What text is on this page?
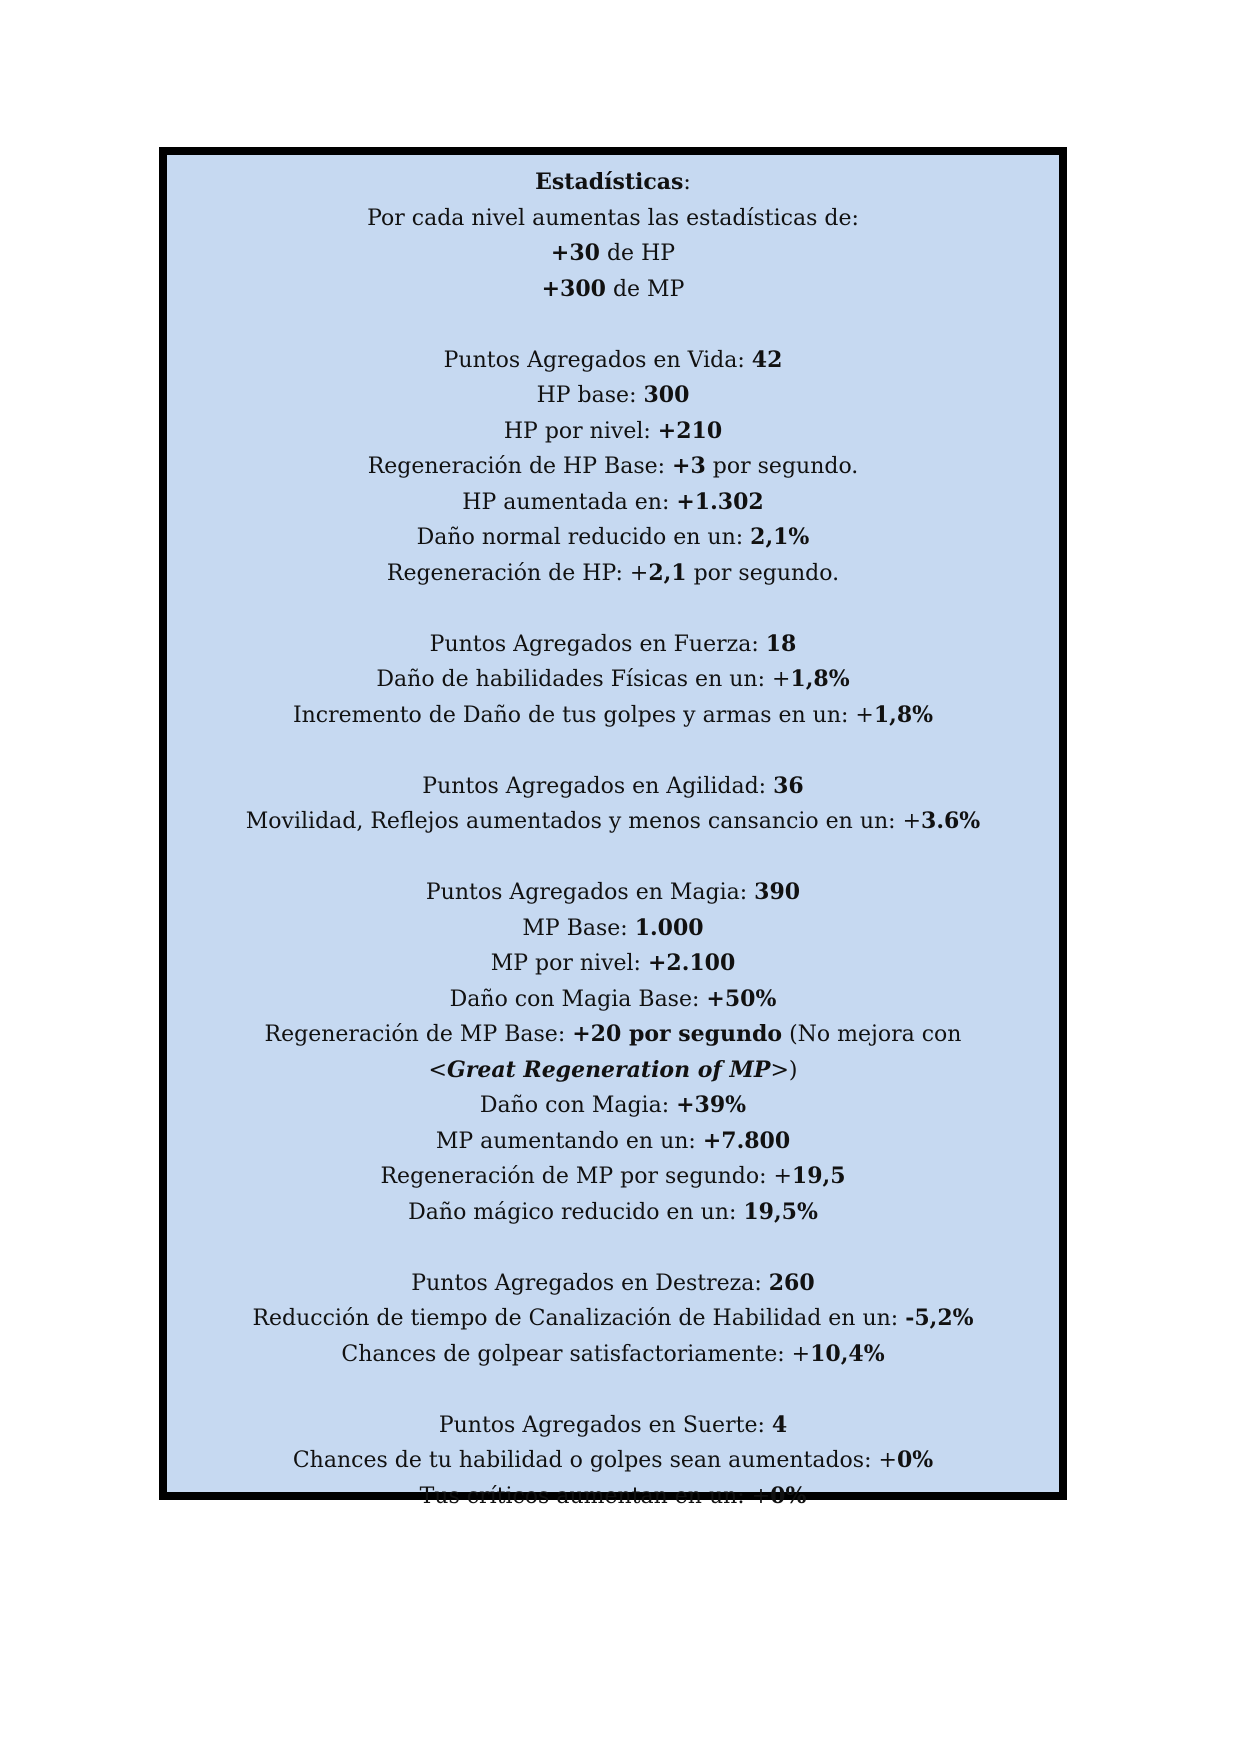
Estadísticas:
Por cada nivel aumentas las estadísticas de:
+30 de HP
+300 de MP
Puntos Agregados en Vida: 42
HP base: 300
HP por nivel: +210
Regeneración de HP Base: +3 por segundo.
HP aumentada en: +1.302
Daño normal reducido en un: 2,1%
Regeneración de HP: +2,1 por segundo.
Puntos Agregados en Fuerza: 18
Daño de habilidades Físicas en un: +1,8%
Incremento de Daño de tus golpes y armas en un: +1,8%
Puntos Agregados en Agilidad: 36
Movilidad, Reflejos aumentados y menos cansancio en un: +3.6%
Puntos Agregados en Magia: 390
MP Base: 1.000
MP por nivel: +2.100
Daño con Magia Base: +50%
Regeneración de MP Base: +20 por segundo (No mejora con
<Great Regeneration of MP>)
Daño con Magia: +39%
MP aumentando en un: +7.800
Regeneración de MP por segundo: +19,5
Daño mágico reducido en un: 19,5%
Puntos Agregados en Destreza: 260
Reducción de tiempo de Canalización de Habilidad en un: -5,2%
Chances de golpear satisfactoriamente: +10,4%
Puntos Agregados en Suerte: 4
Chances de tu habilidad o golpes sean aumentados: +0%
Tus críticos aumentan en un: +0%
